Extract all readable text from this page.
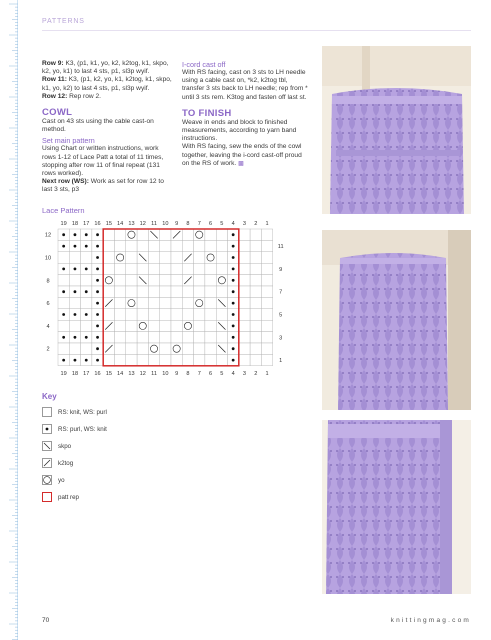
PATTERNS

Row 9: K3, (p1, k1, yo, k2, k2tog, k1, skpo, k2, yo, k1) to last 4 sts, p1, sl3p wyif.

Row 11: K3, (p1, k2, yo, k1, k2tog, k1, skpo, k1, yo, k2) to last 4 sts, p1, sl3p wyif.

Row 12: Rep row 2.

COWL

Cast on 43 sts using the cable cast-on method.

Set main pattern

Using Chart or written instructions, work rows 1-12 of Lace Patt a total of 11 times, stopping after row 11 of final repeat (131 rows worked).

Next row (WS): Work as set for row 12 to last 3 sts, p3

I-cord cast off

With RS facing, cast on 3 sts to LH needle using a cable cast on, *k2, k2tog tbl, transfer 3 sts back to LH needle; rep from * until 3 sts rem. K3tog and fasten off last st.

TO FINISH

Weave in ends and block to finished measurements, according to yarn band instructions.

With RS facing, sew the ends of the cowl together, leaving the i-cord cast-off proud on the RS of work. ▩

Lace Pattern
19
19
18
18
17
17
16
16
15
15
14
14
13
13
12
12
11
11
10
10
9
9
8
8
7
7
6
6
5
5
4
4
3
3
2
2
1
1
12
10
8
6
4
2
11
9
7
5
3
1
Key
RS: knit, WS: purl
RS: purl, WS: knit
skpo
k2tog
yo
patt rep
70	knittingmag.com
